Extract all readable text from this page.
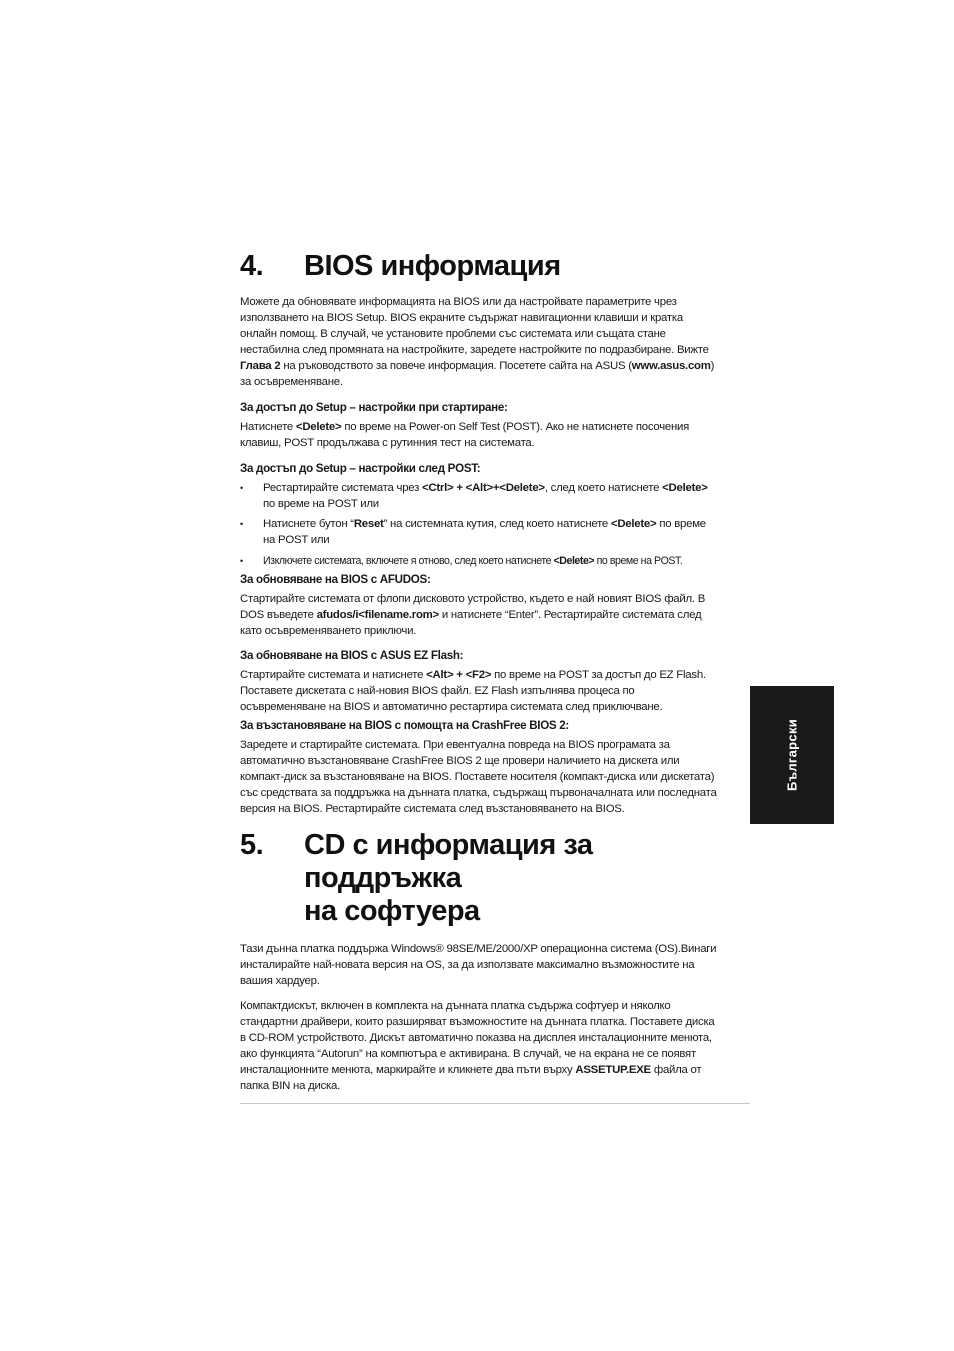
4.	BIOS информация

Можете да обновявате информацията на BIOS или да настройвате параметрите чрез използването на BIOS Setup. BIOS екраните съдържат навигационни клавиши и кратка онлайн помощ. В случай, че установите проблеми със системата или същата стане нестабилна след промяната на настройките, заредете настройките по подразбиране. Вижте Глава 2 на ръководството за повече информация. Посетете сайта на ASUS (www.asus.com) за осъвременяване.

За достъп до Setup – настройки при стартиране:

Натиснете <Delete> по време на Power-on Self Test (POST). Ако не натиснете посочения клавиш, POST продължава с рутинния тест на системата.

За достъп до Setup – настройки след POST:
•	Рестартирайте системата чрез <Ctrl> + <Alt>+<Delete>, след което натиснете <Delete> по време на POST или
•	Натиснете бутон “Reset” на системната кутия, след което натиснете <Delete> по време на POST или
•	Изключете системата, включете я отново, след което натиснете <Delete> по време на POST.
За обновяване на BIOS с AFUDOS:

Стартирайте системата от флопи дисковото устройство, където е най новият BIOS файл. В DOS въведете afudos/i<filename.rom> и натиснете “Enter”. Рестартирайте системата след като осъвременяването приключи.

За обновяване на BIOS с ASUS EZ Flash:

Стартирайте системата и натиснете <Alt> + <F2> по време на POST за достъп до EZ Flash. Поставете дискетата с най-новия BIOS файл. EZ Flash изпълнява процеса по осъвременяване на BIOS и автоматично рестартира системата след приключване.

За възстановяване на BIOS с помощта на CrashFree BIOS 2:

Заредете и стартирайте системата. При евентуална повреда на BIOS програмата за автоматично възстановяване CrashFree BIOS 2 ще провери наличието на дискета или компакт-диск за възстановяване на BIOS. Поставете носителя (компакт-диска или дискетата) със средствата за поддръжка на дънната платка, съдържащ първоначалната или последната версия на BIOS. Рестартирайте системата след възстановяването на BIOS.

5.	CD с информация за поддръжка
на софтуера

Тази дънна платка поддържа Windows® 98SE/ME/2000/XP операционна система (OS).Винаги инсталирайте най-новата версия на OS, за да използвате максимално възможностите на вашия хардуер.

Компактдискът, включен в комплекта на дънната платка съдържа софтуер и няколко стандартни драйвери, които разширяват възможностите на дънната платка. Поставете диска в CD-ROM устройството. Дискът автоматично показва на дисплея инсталационните менюта, ако функцията “Autorun” на компютъра е активирана. В случай, че на екрана не се появят инсталационните менюта, маркирайте и кликнете два пъти върху ASSETUP.EXE файла от папка BIN на диска.

Български
